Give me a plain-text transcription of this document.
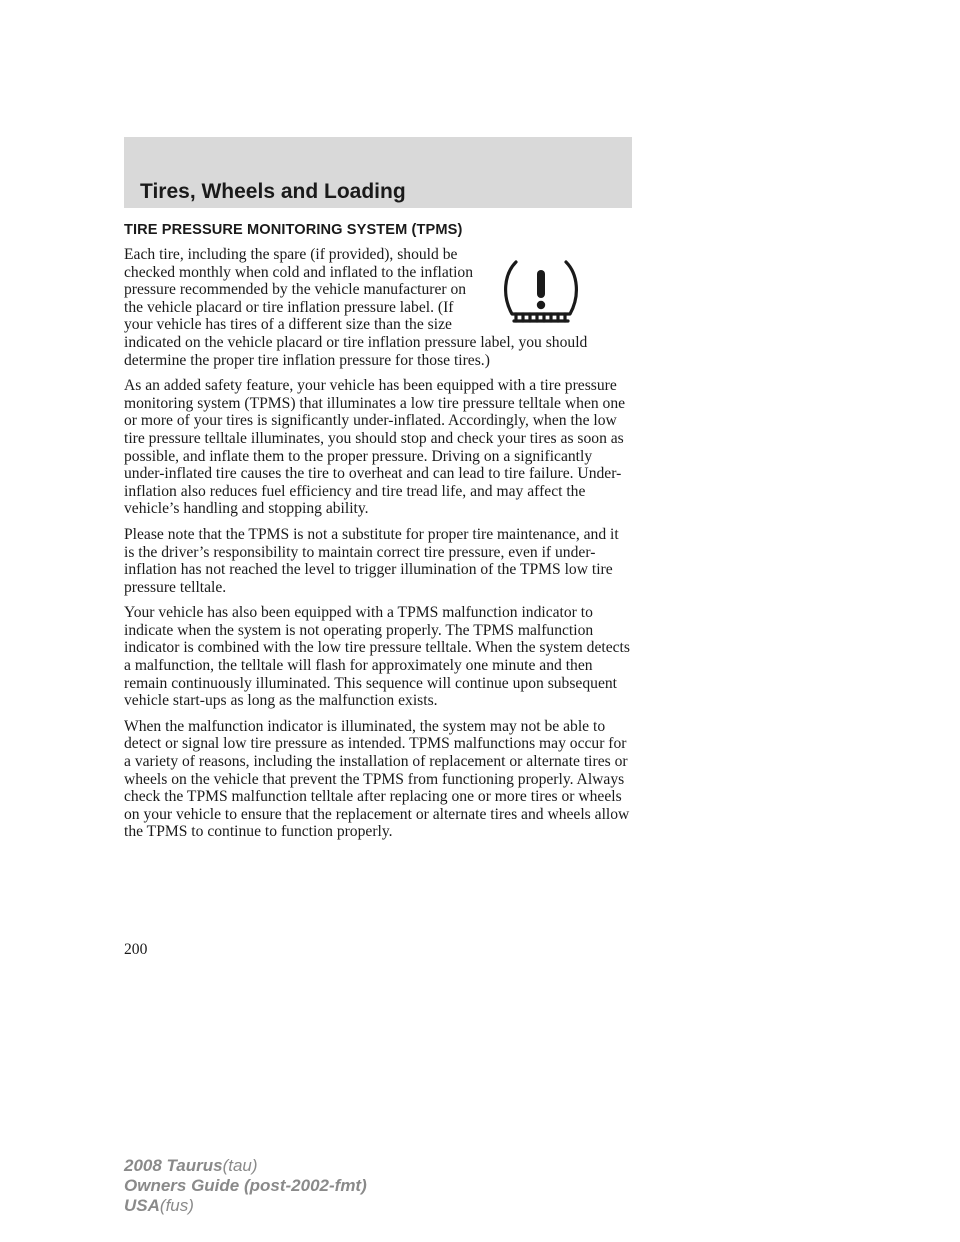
Tires, Wheels and Loading
TIRE PRESSURE MONITORING SYSTEM (TPMS)

Each tire, including the spare (if provided), should be checked monthly when cold and inflated to the inflation pressure recommended by the vehicle manufacturer on the vehicle placard or tire inflation pressure label. (If your vehicle has tires of a different size than the size indicated on the vehicle placard or tire inflation pressure label, you should determine the proper tire inflation pressure for those tires.)

As an added safety feature, your vehicle has been equipped with a tire pressure monitoring system (TPMS) that illuminates a low tire pressure telltale when one or more of your tires is significantly under-inflated. Accordingly, when the low tire pressure telltale illuminates, you should stop and check your tires as soon as possible, and inflate them to the proper pressure. Driving on a significantly under-inflated tire causes the tire to overheat and can lead to tire failure. Under-inflation also reduces fuel efficiency and tire tread life, and may affect the vehicle’s handling and stopping ability.

Please note that the TPMS is not a substitute for proper tire maintenance, and it is the driver’s responsibility to maintain correct tire pressure, even if under-inflation has not reached the level to trigger illumination of the TPMS low tire pressure telltale.

Your vehicle has also been equipped with a TPMS malfunction indicator to indicate when the system is not operating properly. The TPMS malfunction indicator is combined with the low tire pressure telltale. When the system detects a malfunction, the telltale will flash for approximately one minute and then remain continuously illuminated. This sequence will continue upon subsequent vehicle start-ups as long as the malfunction exists.

When the malfunction indicator is illuminated, the system may not be able to detect or signal low tire pressure as intended. TPMS malfunctions may occur for a variety of reasons, including the installation of replacement or alternate tires or wheels on the vehicle that prevent the TPMS from functioning properly. Always check the TPMS malfunction telltale after replacing one or more tires or wheels on your vehicle to ensure that the replacement or alternate tires and wheels allow the TPMS to continue to function properly.

200
2008 Taurus(tau)
Owners Guide (post-2002-fmt)
USA(fus)
